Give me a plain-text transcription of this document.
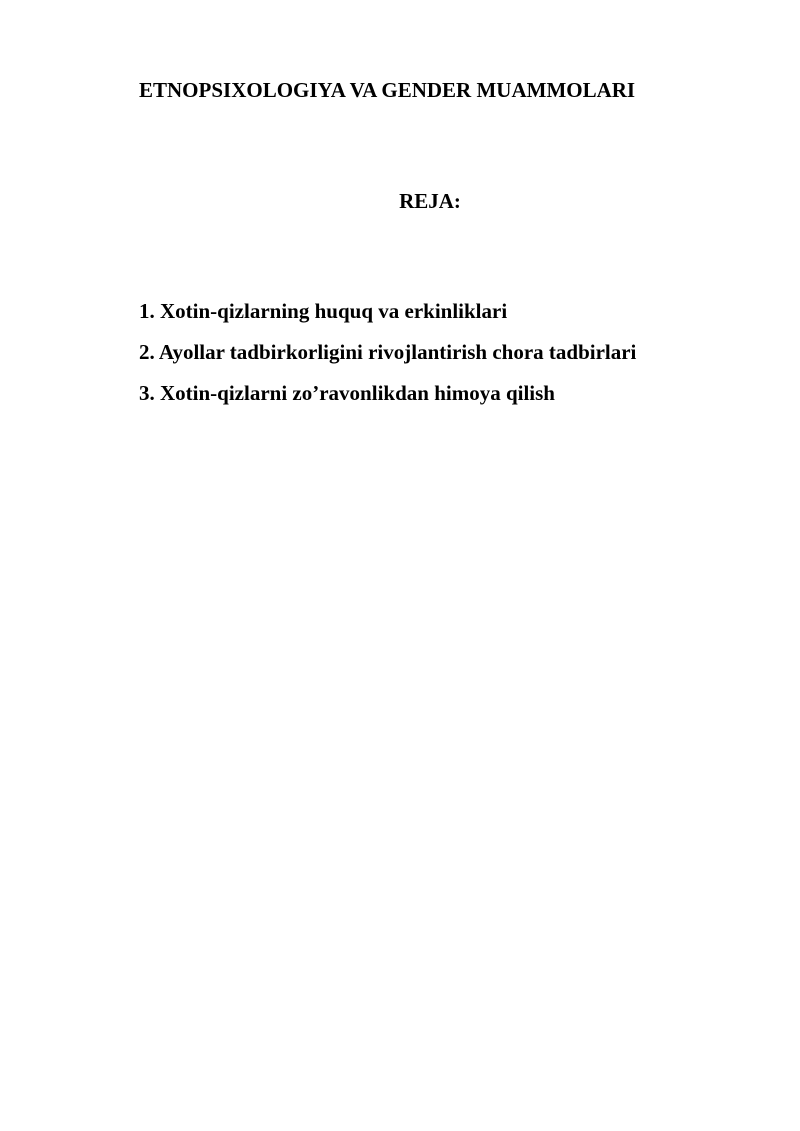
ETNOPSIXOLOGIYA VA GENDER MUAMMOLARI
REJA:
1. Xotin-qizlarning huquq va erkinliklari
2. Ayollar tadbirkorligini rivojlantirish chora tadbirlari
3. Xotin-qizlarni zo’ravonlikdan himoya qilish
